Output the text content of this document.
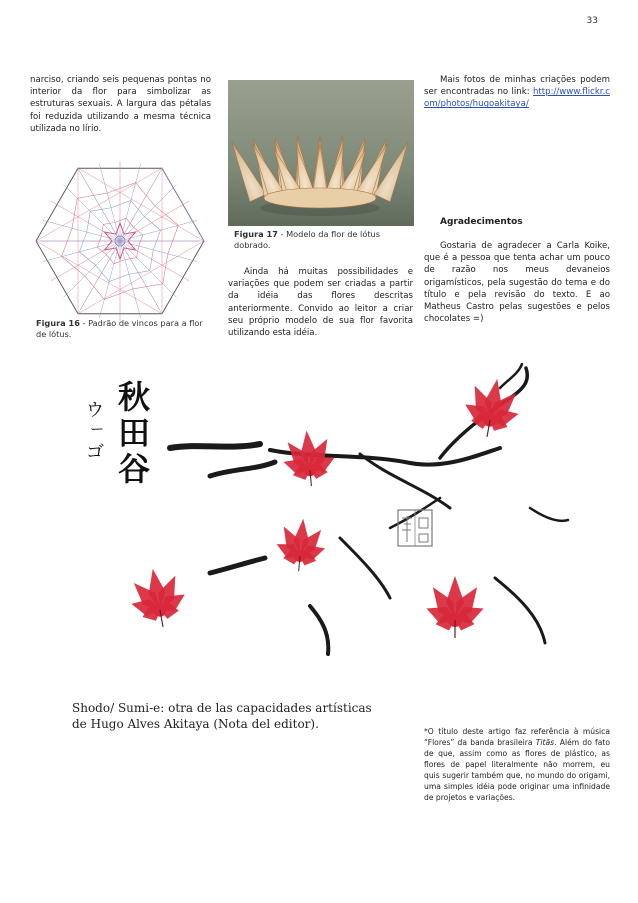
33
narciso, criando seis pequenas pontas no interior da flor para simbolizar as estruturas sexuais. A largura das pétalas foi reduzida utilizando a mesma técnica utilizada no lírio.
Figura 16 - Padrão de vincos para a flor de lótus.
Figura 17 - Modelo da flor de lótus dobrado.
Ainda há muitas possibilidades e variações que podem ser criadas a partir da idéia das flores descritas anteriormente. Convido ao leitor a criar seu próprio modelo de sua flor favorita utilizando esta idéia.
Mais fotos de minhas criações podem ser encontradas no link: http://www.flickr.com/photos/hugoakitaya/
Agradecimentos
Gostaria de agradecer a Carla Koike, que é a pessoa que tenta achar um pouco de razão nos meus devaneios origamísticos, pela sugestão do tema e do título e pela revisão do texto. E ao Matheus Castro pelas sugestões e pelos chocolates =)
秋
田
谷
ウ
ー
ゴ
Shodo/ Sumi-e: otra de las capacidades artísticas de Hugo Alves Akitaya (Nota del editor).
*O título deste artigo faz referência à música “Flores” da banda brasileira Titãs. Além do fato de que, assim como as flores de plástico, as flores de papel literalmente não morrem, eu quis sugerir também que, no mundo do origami, uma simples idéia pode originar uma infinidade de projetos e variações.
